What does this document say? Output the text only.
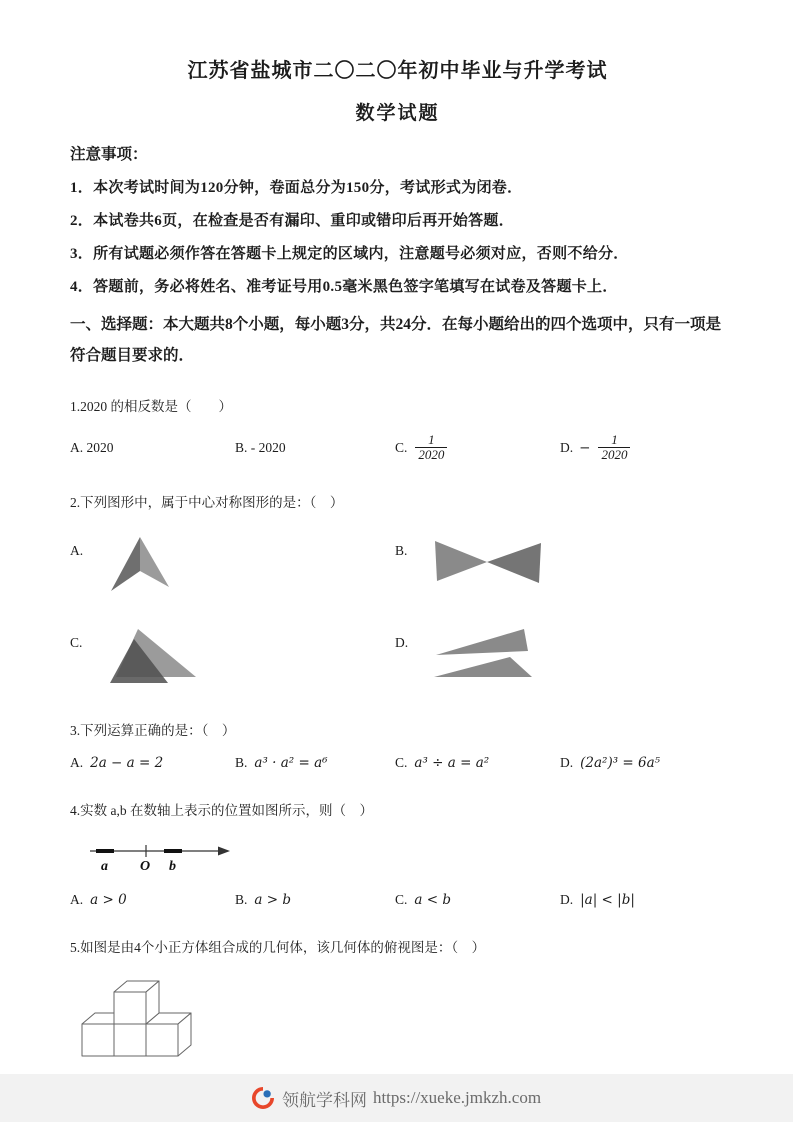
江苏省盐城市二〇二〇年初中毕业与升学考试
数学试题
注意事项：
1．本次考试时间为120分钟，卷面总分为150分，考试形式为闭卷．
2．本试卷共6页，在检查是否有漏印、重印或错印后再开始答题．
3．所有试题必须作答在答题卡上规定的区域内，注意题号必须对应，否则不给分．
4．答题前，务必将姓名、准考证号用0.5毫米黑色签字笔填写在试卷及答题卡上．
一、选择题：本大题共8个小题，每小题3分，共24分．在每小题给出的四个选项中，只有一项是符合题目要求的．
1.2020 的相反数是（　　）
A. 2020	B. - 2020	C. $\frac{1}{2020}$	D. − $\frac{1}{2020}$
2.下列图形中，属于中心对称图形的是：（　）
A.	B.
C.	D.
3.下列运算正确的是：（　）
A. 2a − a = 2	B. a³ · a² = a⁶	C. a³ ÷ a = a²	D. (2a²)³ = 6a⁵
4.实数 a,b 在数轴上表示的位置如图所示，则（　）
a O b
A. a > 0	B. a > b	C. a < b	D. |a| < |b|
5.如图是由4个小正方体组合成的几何体，该几何体的俯视图是：（　）
领航学科网 https://xueke.jmkzh.com
